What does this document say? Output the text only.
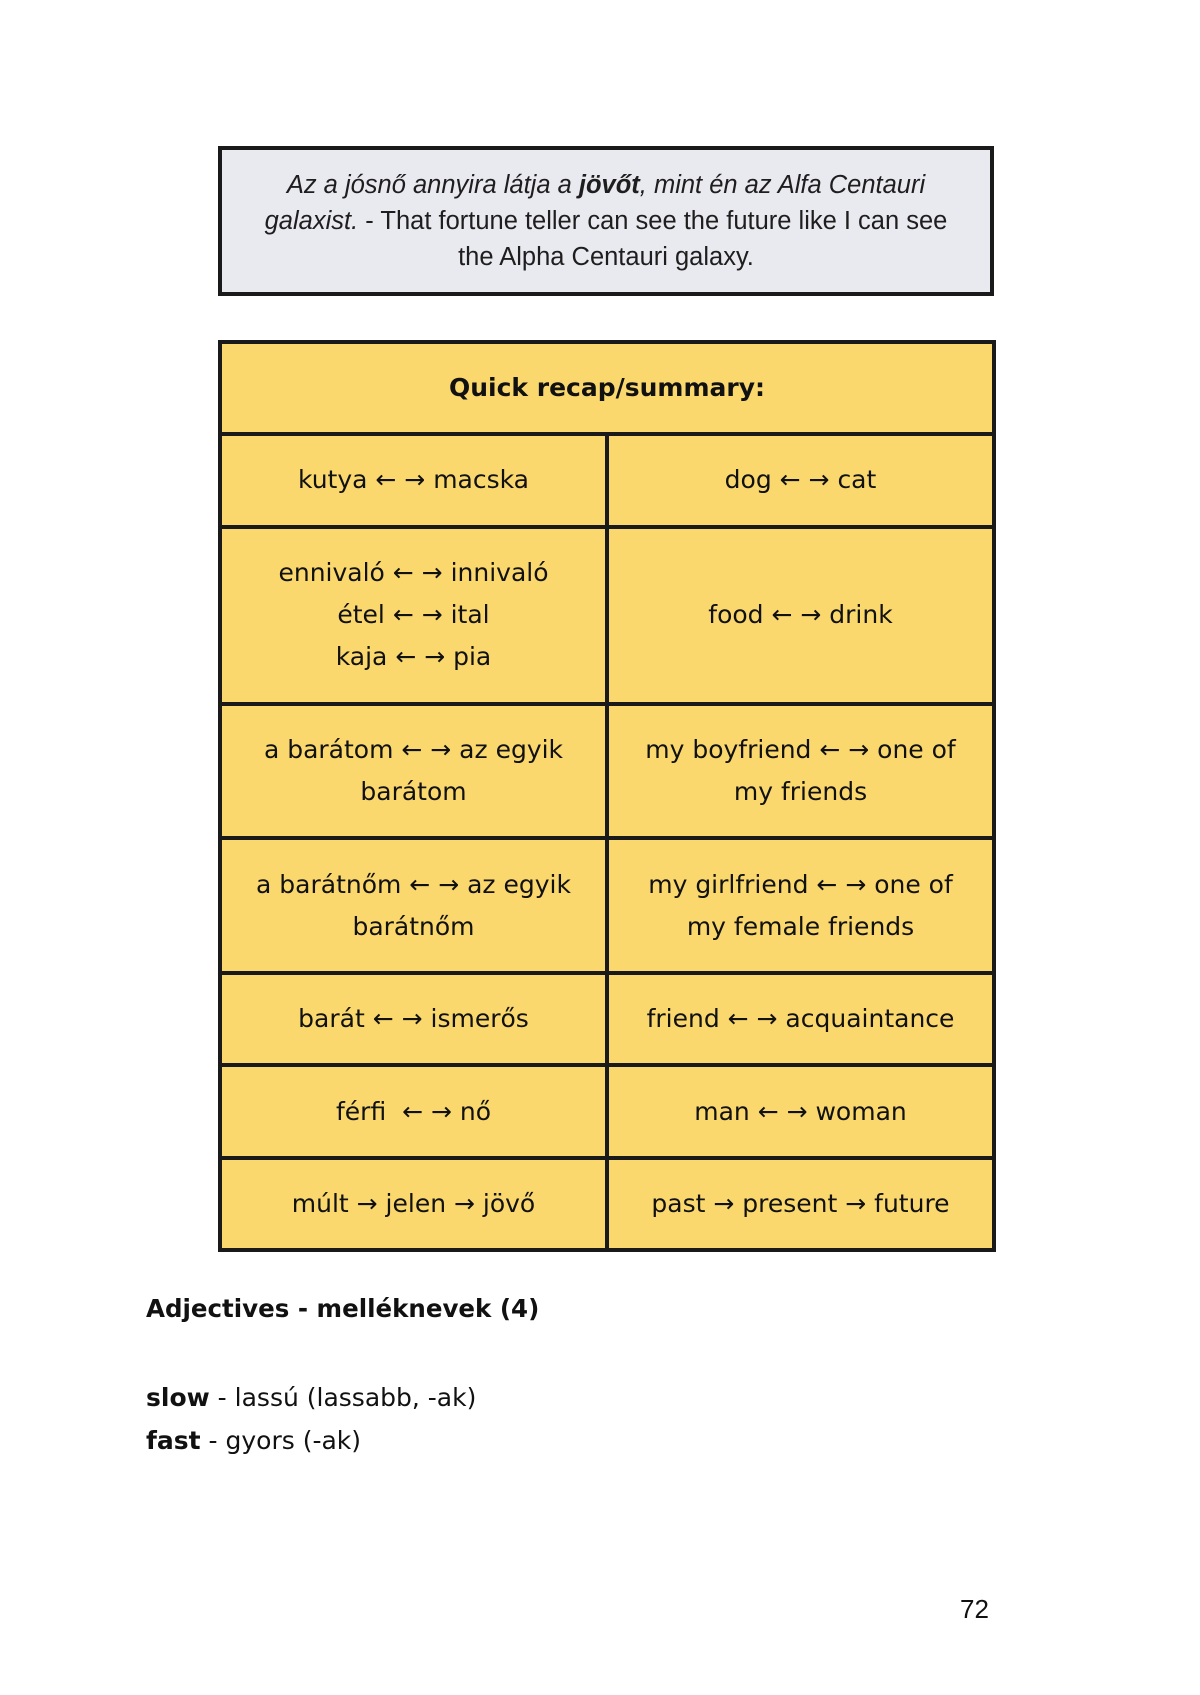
Az a jósnő annyira látja a jövőt, mint én az Alfa Centauri galaxist. - That fortune teller can see the future like I can see the Alpha Centauri galaxy.

Quick recap/summary:	

kutya ← → macska	dog ← → cat

ennivaló ← → innivaló
étel ← → ital
kaja ← → pia	food ← → drink

a barátom ← → az egyik
barátom	my boyfriend ← → one of
my friends

a barátnőm ← → az egyik
barátnőm	my girlfriend ← → one of
my female friends

barát ← → ismerős	friend ← → acquaintance

férfi  ← → nő	man ← → woman

múlt → jelen → jövő	past → present → future
Adjectives - melléknevek (4)
slow - lassú (lassabb, -ak)
fast - gyors (-ak)
72
